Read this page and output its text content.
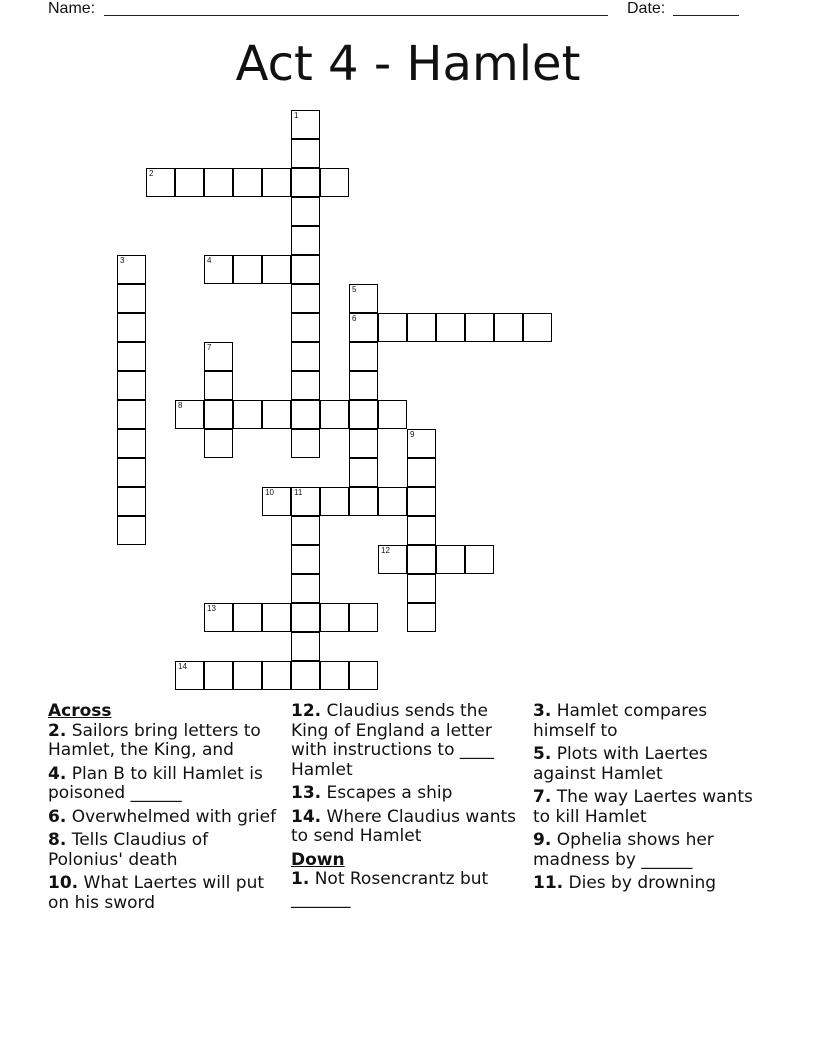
Name:	Date:
Act 4 - Hamlet
1
2
3	4
5
6
7
8
9
10	11
12
13
14
Across
2. Sailors bring letters to Hamlet, the King, and
4. Plan B to kill Hamlet is poisoned ______
6. Overwhelmed with grief
8. Tells Claudius of Polonius' death
10. What Laertes will put on his sword
12. Claudius sends the King of England a letter with instructions to ____ Hamlet
13. Escapes a ship
14. Where Claudius wants to send Hamlet
Down
1. Not Rosencrantz but _______
3. Hamlet compares himself to
5. Plots with Laertes against Hamlet
7. The way Laertes wants to kill Hamlet
9. Ophelia shows her madness by ______
11. Dies by drowning
